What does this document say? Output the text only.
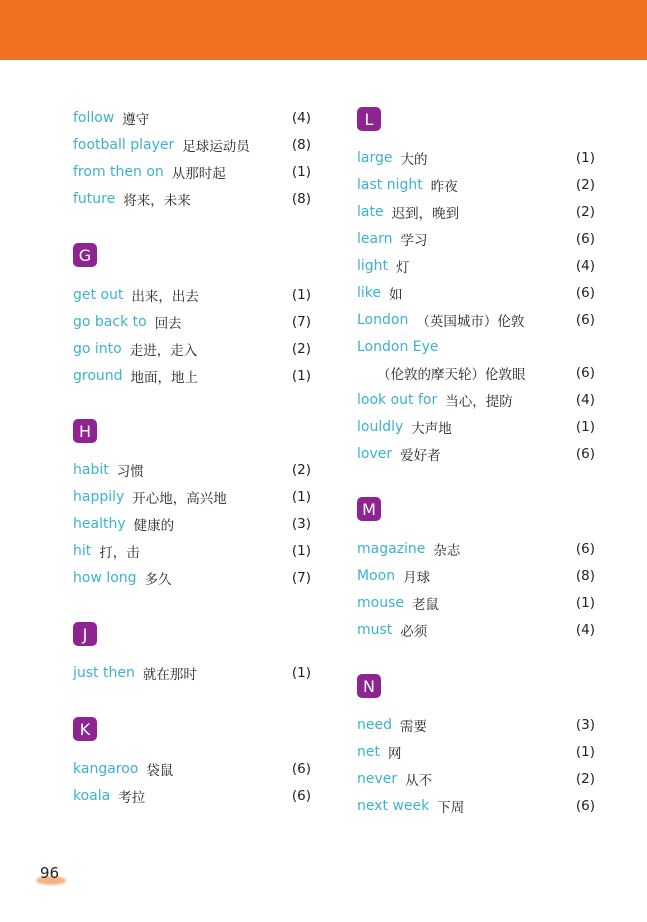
follow 遵守	(4)
football player 足球运动员	(8)
from then on 从那时起	(1)
future 将来，未来	(8)
G
get out 出来，出去	(1)
go back to 回去	(7)
go into 走进，走入	(2)
ground 地面，地上	(1)
H
habit 习惯	(2)
happily 开心地，高兴地	(1)
healthy 健康的	(3)
hit 打，击	(1)
how long 多久	(7)
J
just then 就在那时	(1)
K
kangaroo 袋鼠	(6)
koala 考拉	(6)
L
large 大的	(1)
last night 昨夜	(2)
late 迟到，晚到	(2)
learn 学习	(6)
light 灯	(4)
like 如	(6)
London （英国城市）伦敦	(6)
London Eye
（伦敦的摩天轮）伦敦眼	(6)
look out for 当心，提防	(4)
louldly 大声地	(1)
lover 爱好者	(6)
M
magazine 杂志	(6)
Moon 月球	(8)
mouse 老鼠	(1)
must 必须	(4)
N
need 需要	(3)
net 网	(1)
never 从不	(2)
next week 下周	(6)
96
